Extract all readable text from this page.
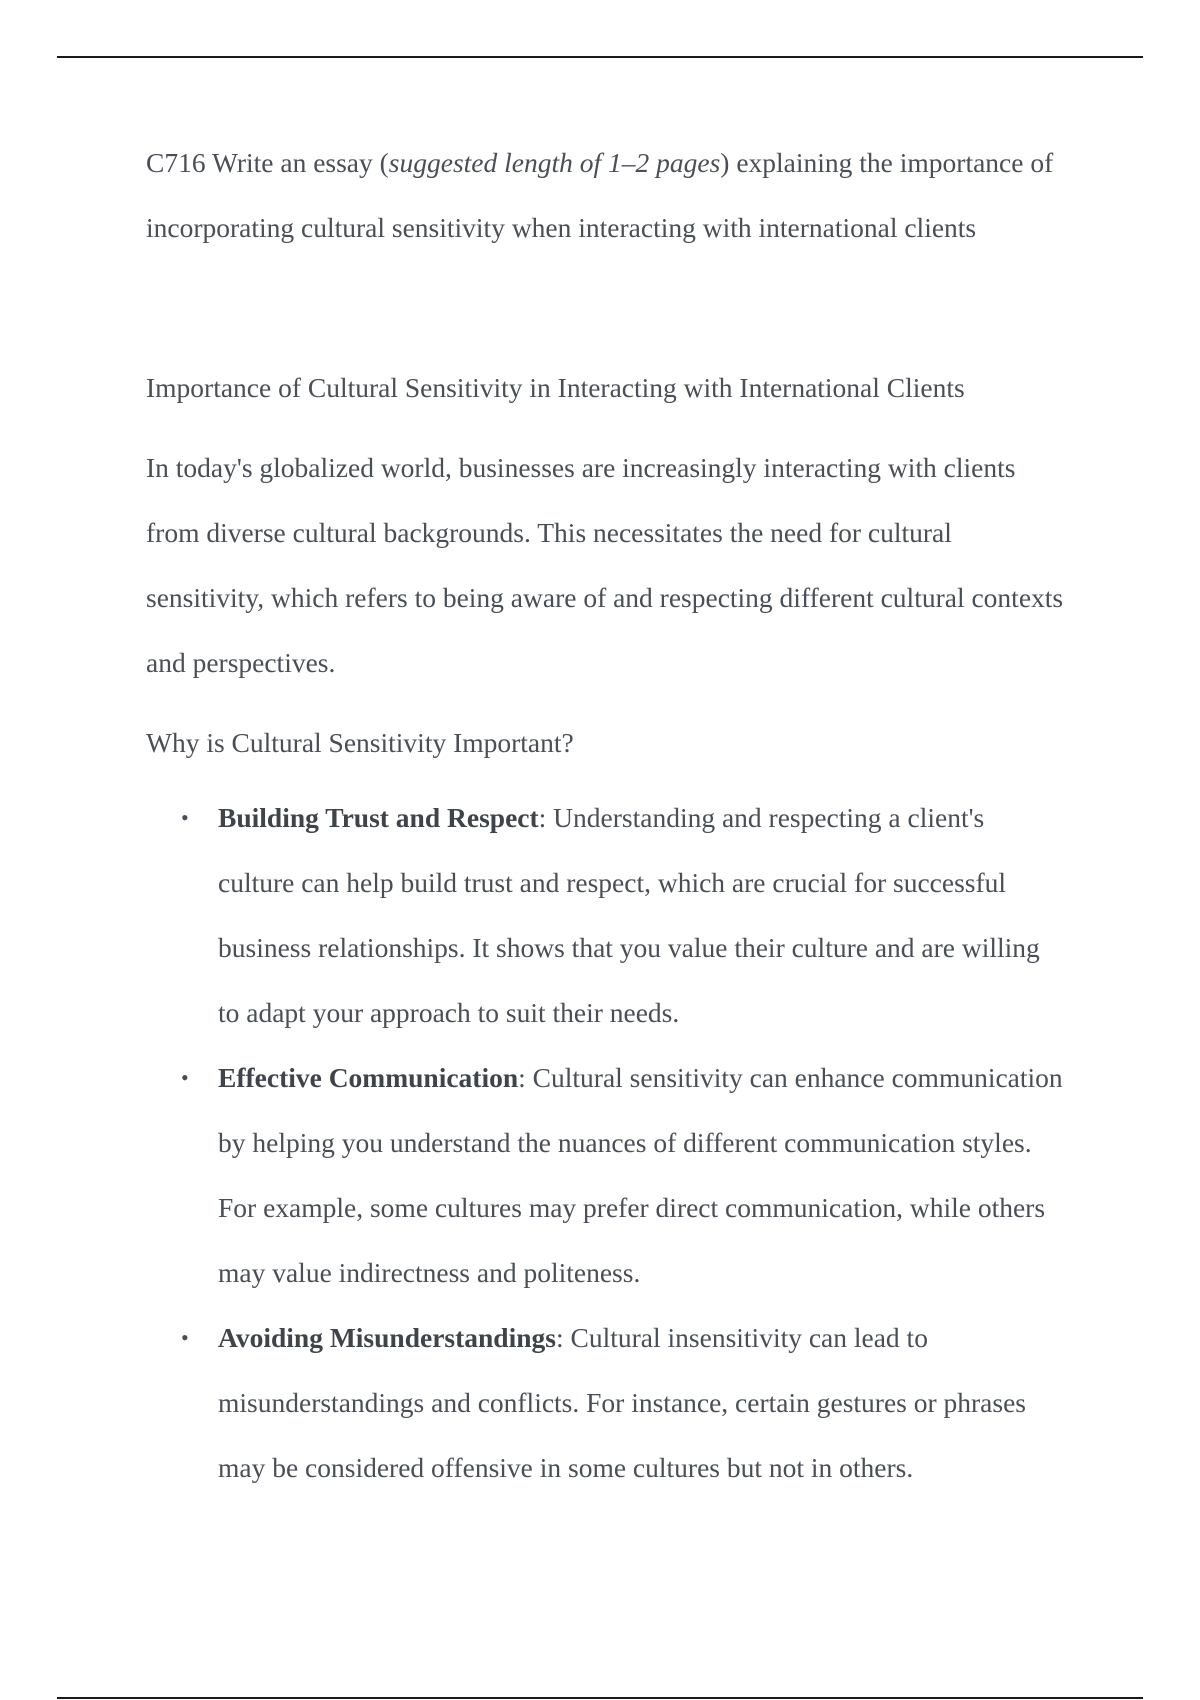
C716 Write an essay (suggested length of 1–2 pages) explaining the importance of incorporating cultural sensitivity when interacting with international clients

Importance of Cultural Sensitivity in Interacting with International Clients

In today's globalized world, businesses are increasingly interacting with clients from diverse cultural backgrounds. This necessitates the need for cultural sensitivity, which refers to being aware of and respecting different cultural contexts and perspectives.

Why is Cultural Sensitivity Important?

• Building Trust and Respect: Understanding and respecting a client's culture can help build trust and respect, which are crucial for successful business relationships. It shows that you value their culture and are willing to adapt your approach to suit their needs.
• Effective Communication: Cultural sensitivity can enhance communication by helping you understand the nuances of different communication styles. For example, some cultures may prefer direct communication, while others may value indirectness and politeness.
• Avoiding Misunderstandings: Cultural insensitivity can lead to misunderstandings and conflicts. For instance, certain gestures or phrases may be considered offensive in some cultures but not in others.
